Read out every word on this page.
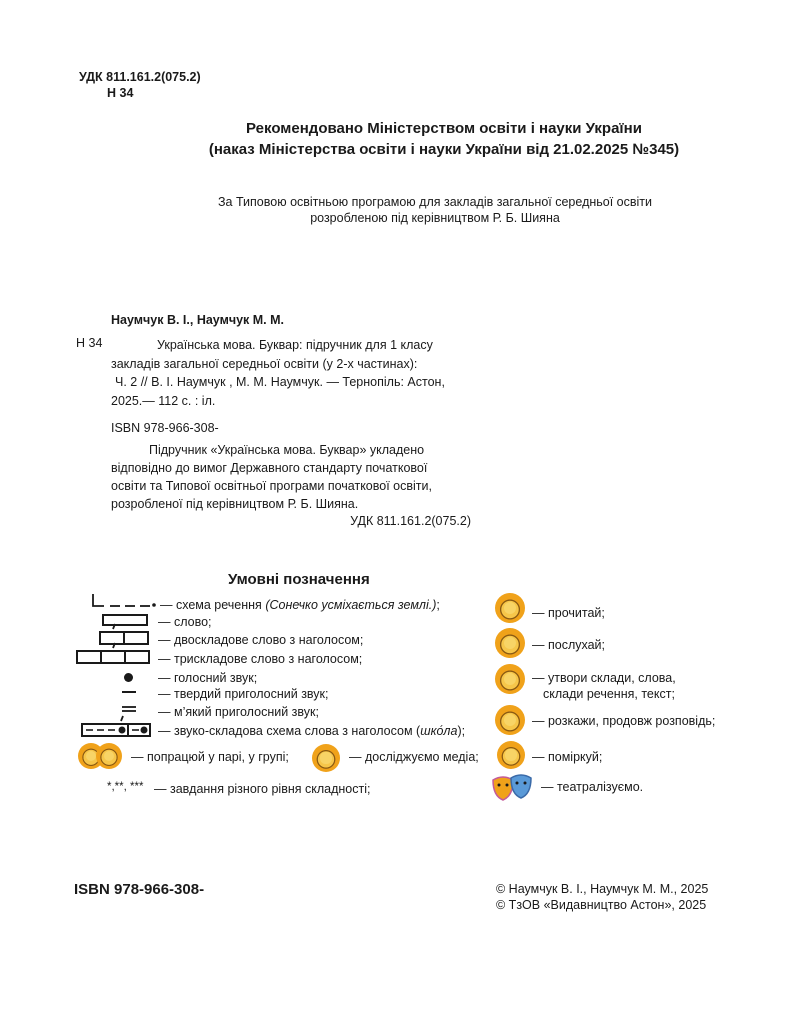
УДК 811.161.2(075.2)
Н 34
Рекомендовано Міністерством освіти і науки України
(наказ Міністерства освіти і науки України від 21.02.2025 №345)
За Типовою освітньою програмою для закладів загальної середньої освіти
розробленою під керівництвом Р. Б. Шияна
Наумчук В. І., Наумчук М. М.
Н 34	Українська мова. Буквар: підручник для 1 класу

закладів загальної середньої освіти (у 2-х частинах):

Ч. 2 // В. І. Наумчук , М. М. Наумчук. — Тернопіль: Астон,

2025.— 112 с. : іл.

ISBN 978-966-308-

Підручник «Українська мова. Буквар» укладено

відповідно до вимог Державного стандарту початкової

освіти та Типової освітньої програми початкової освіти,

розробленої під керівництвом Р. Б. Шияна.

УДК 811.161.2(075.2)
Умовні позначення
— схема речення (Сонечко усміхається землі.);
— слово;
— двоскладове слово з наголосом;
— трискладове слово з наголосом;
— голосний звук;
— твердий приголосний звук;
— м’який приголосний звук;
— звуко-складова схема слова з наголосом (шко́ла);
— попрацюй у парі, у групі;	— досліджуємо медіа;
*,**, *** — завдання різного рівня складності;
— прочитай;
— послухай;
— утвори склади, слова,
склади речення, текст;
— розкажи, продовж розповідь;
— поміркуй;
— театралізуємо.
ISBN 978-966-308-	© Наумчук В. І., Наумчук М. М., 2025
© ТзОВ «Видавництво Астон», 2025
